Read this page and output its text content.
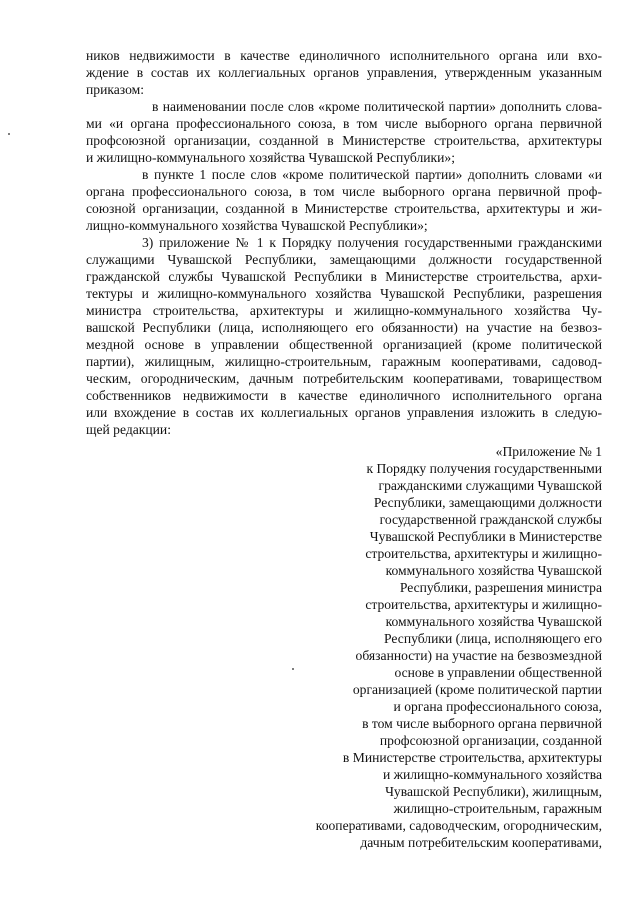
ников недвижимости в качестве единоличного исполнительного органа или вхо-
ждение в состав их коллегиальных органов управления, утвержденным указанным
приказом:
в наименовании после слов «кроме политической партии» дополнить слова-
ми «и органа профессионального союза, в том числе выборного органа первичной
профсоюзной организации, созданной в Министерстве строительства, архитектуры
и жилищно-коммунального хозяйства Чувашской Республики»;
в пункте 1 после слов «кроме политической партии» дополнить словами «и
органа профессионального союза, в том числе выборного органа первичной проф-
союзной организации, созданной в Министерстве строительства, архитектуры и жи-
лищно-коммунального хозяйства Чувашской Республики»;
3) приложение № 1 к Порядку получения государственными гражданскими
служащими Чувашской Республики, замещающими должности государственной
гражданской службы Чувашской Республики в Министерстве строительства, архи-
тектуры и жилищно-коммунального хозяйства Чувашской Республики, разрешения
министра строительства, архитектуры и жилищно-коммунального хозяйства Чу-
вашской Республики (лица, исполняющего его обязанности) на участие на безвоз-
мездной основе в управлении общественной организацией (кроме политической
партии), жилищным, жилищно-строительным, гаражным кооперативами, садовод-
ческим, огородническим, дачным потребительским кооперативами, товариществом
собственников недвижимости в качестве единоличного исполнительного органа
или вхождение в состав их коллегиальных органов управления изложить в следую-
щей редакции:
«Приложение № 1
к Порядку получения государственными
гражданскими служащими Чувашской
Республики, замещающими должности
государственной гражданской службы
Чувашской Республики в Министерстве
строительства, архитектуры и жилищно-
коммунального хозяйства Чувашской
Республики, разрешения министра
строительства, архитектуры и жилищно-
коммунального хозяйства Чувашской
Республики (лица, исполняющего его
обязанности) на участие на безвозмездной
основе в управлении общественной
организацией (кроме политической партии
и органа профессионального союза,
в том числе выборного органа первичной
профсоюзной организации, созданной
в Министерстве строительства, архитектуры
и жилищно-коммунального хозяйства
Чувашской Республики), жилищным,
жилищно-строительным, гаражным
кооперативами, садоводческим, огородническим,
дачным потребительским кооперативами,
